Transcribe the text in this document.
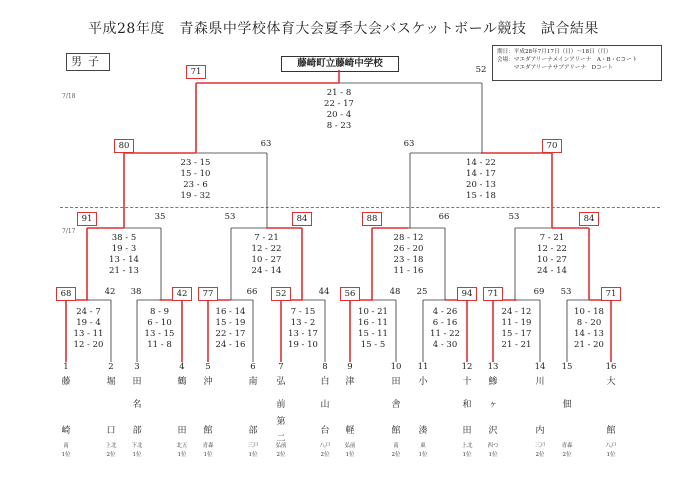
平成28年度　青森県中学校体育大会夏季大会バスケットボール競技　試合結果
男子
期日：平成28年7月17日（日）～18日（月）
会場：マエダアリーナメインアリーナ　A・B・Cコート
　　　マエダアリーナサブアリーナ　Dコート
藤崎町立藤崎中学校
7/18
7/17
68	42
24 - 7
19 - 4
13 - 11
12 - 20
38	42
8 - 9
6 - 10
13 - 15
11 - 8
77	66
16 - 14
15 - 19
22 - 17
24 - 16
52	44
7 - 15
13 - 2
13 - 17
19 - 10
56	48
10 - 21
16 - 11
15 - 11
15 - 5
25	94
4 - 26
6 - 16
11 - 22
4 - 30
71	69
24 - 12
11 - 19
15 - 17
21 - 21
53	71
10 - 18
8 - 20
14 - 13
21 - 20
91	35
38 - 5
19 - 3
13 - 14
21 - 13
53	84
7 - 21
12 - 22
10 - 27
24 - 14
88	66
28 - 12
26 - 20
23 - 18
11 - 16
53	84
7 - 21
12 - 22
10 - 27
24 - 14
80	63
23 - 15
15 - 10
23 - 6
19 - 32
63	70
14 - 22
14 - 17
20 - 13
15 - 18
71	52
21 - 8
22 - 17
20 - 4
8 - 23
1
藤
崎
南
1位
2
堀
口
上北
2位
3
田
名
部
下北
1位
4
鶴
田
北五
1位
5
沖
館
青森
1位
6
南
部
三戸
1位
7
弘
前
第
二
弘前
2位
8
白
山
台
八戸
2位
9
津
軽
弘前
1位
10
田
舎
館
南
2位
11
小
湊
東
1位
12
十
和
田
上北
1位
13
鯵
ヶ
沢
西つ
1位
14
川
内
三戸
2位
15
佃
青森
2位
16
大
館
八戸
1位
